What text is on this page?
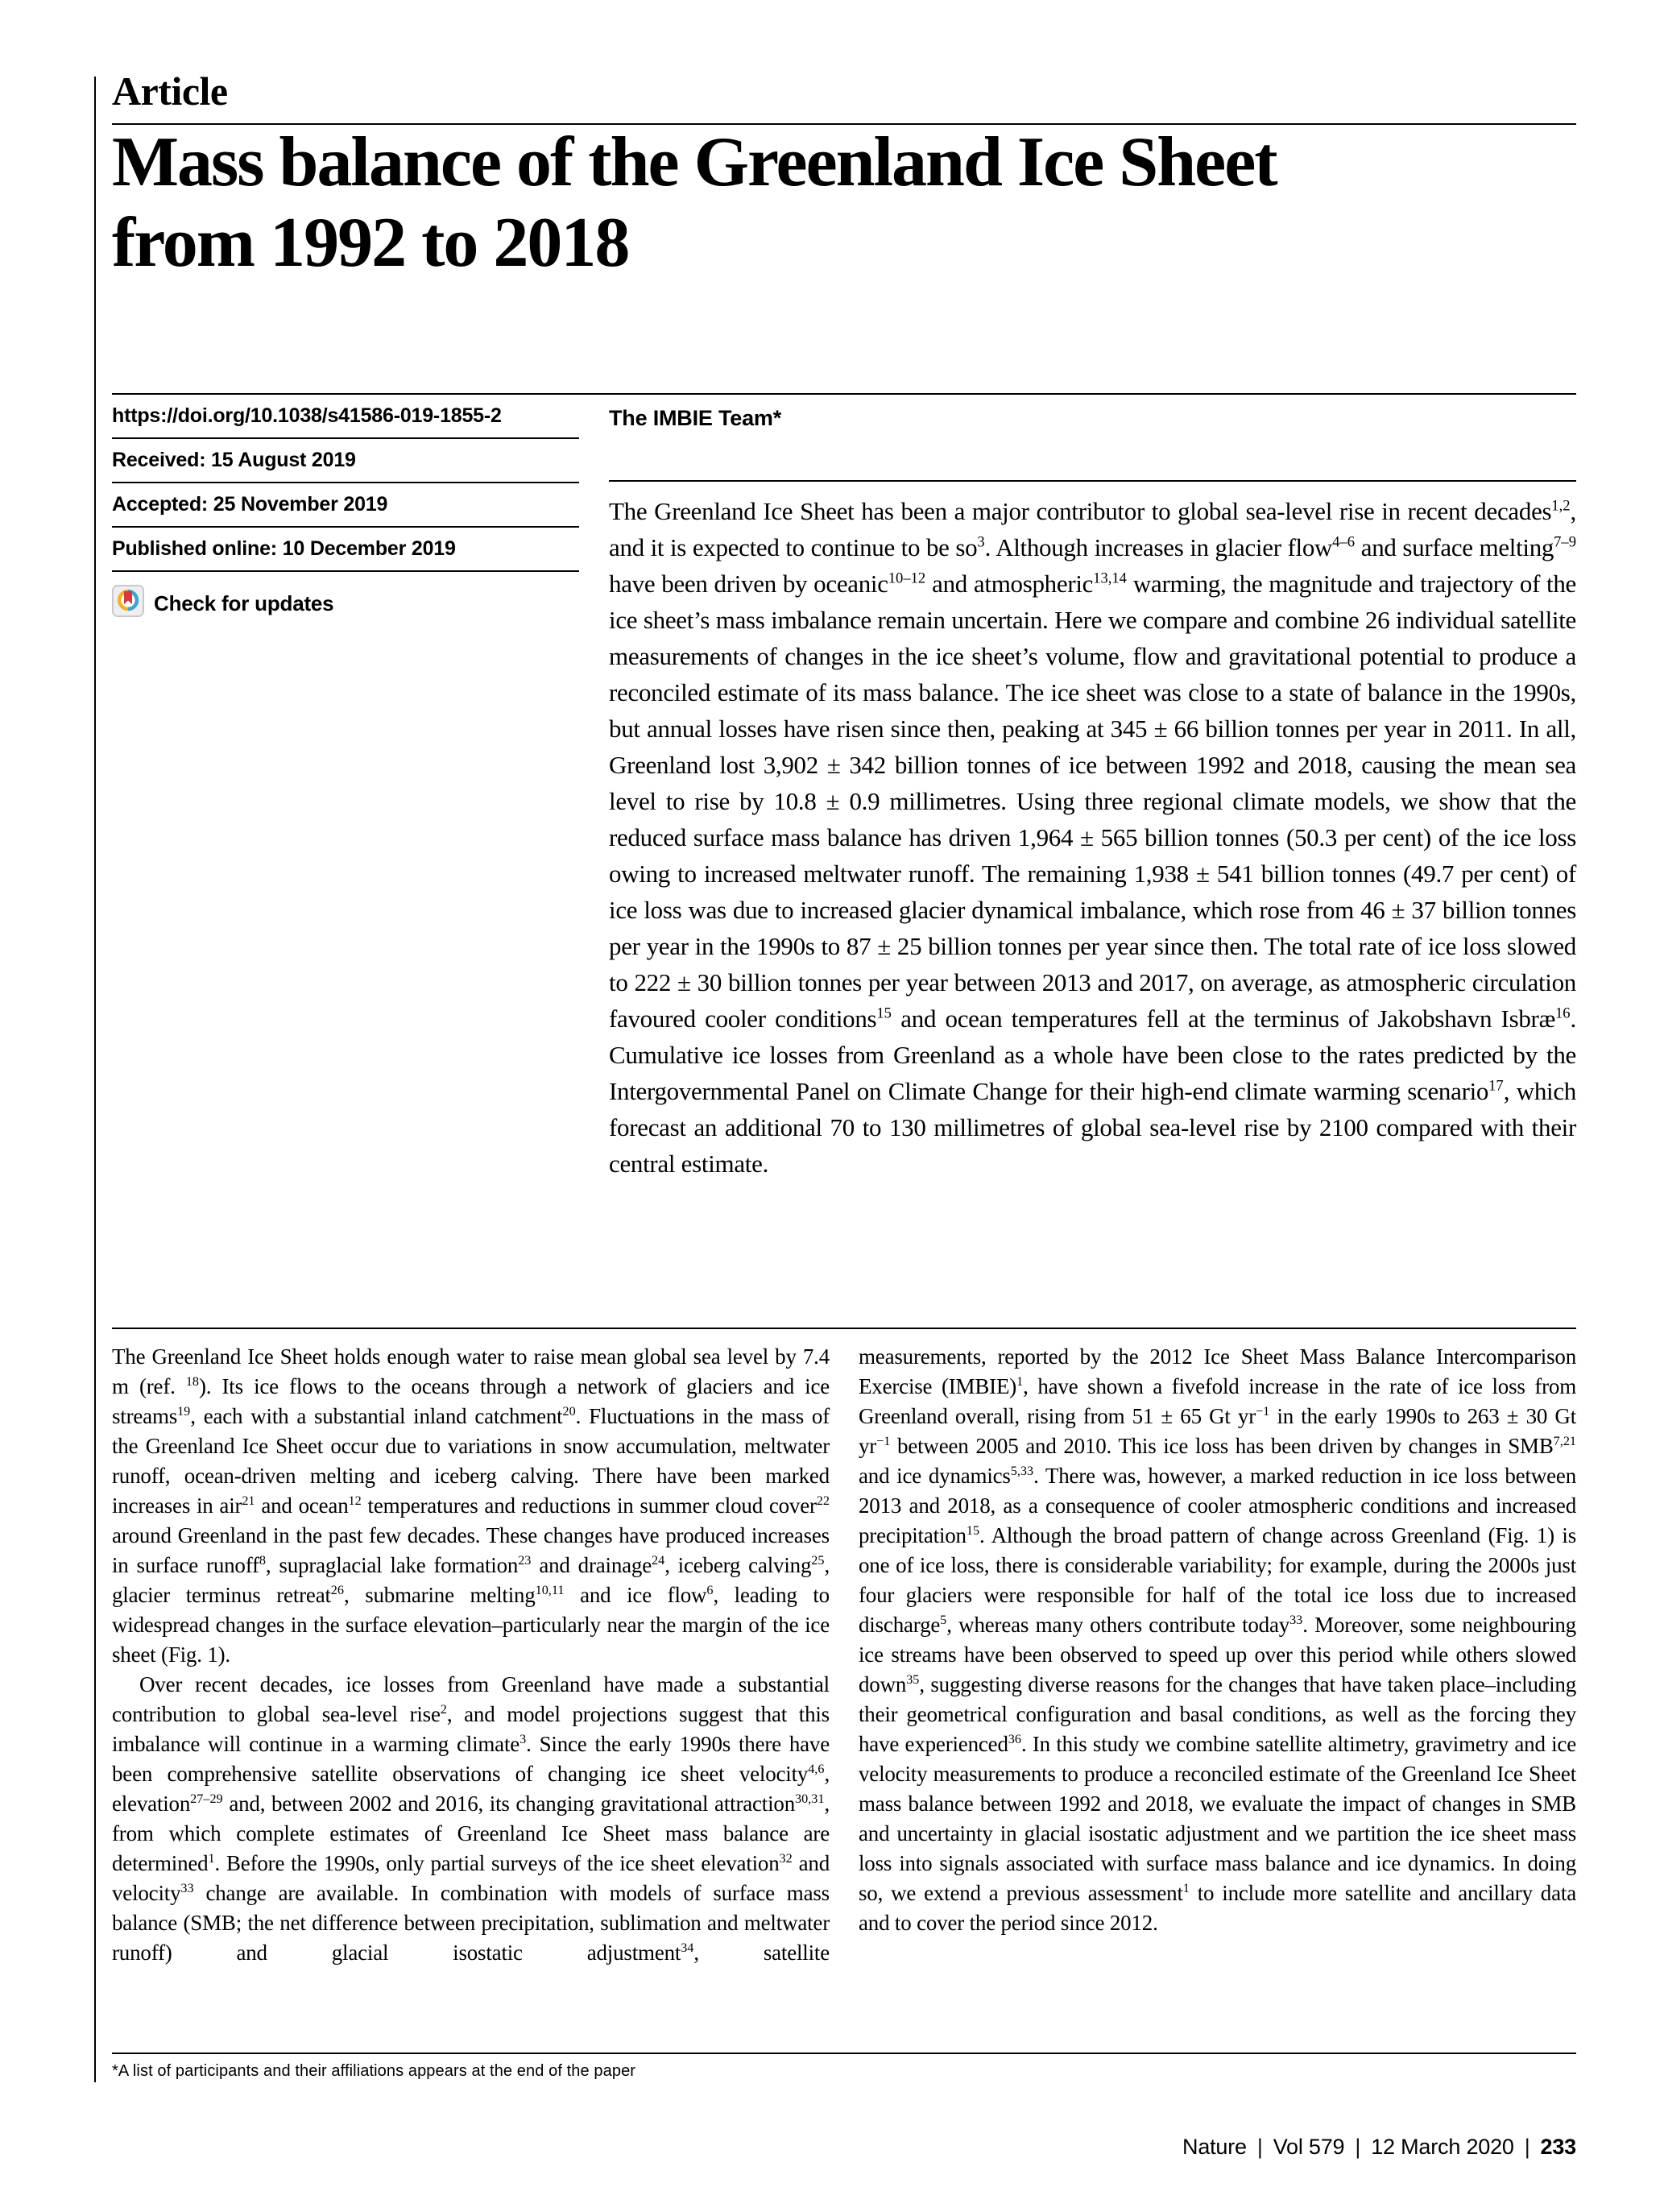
Article
Mass balance of the Greenland Ice Sheet
from 1992 to 2018
https://doi.org/10.1038/s41586-019-1855-2
Received: 15 August 2019
Accepted: 25 November 2019
Published online: 10 December 2019
Check for updates
The IMBIE Team*
The Greenland Ice Sheet has been a major contributor to global sea-level rise in recent decades$^{1,2}$, and it is expected to continue to be $so^3$. Although increases in glacier flow$^{4-6}$ and surface melting$^{7-9}$ have been driven by oceanic$^{10-12}$ and atmospheric$^{13,14}$ warming, the magnitude and trajectory of the ice sheet’s mass imbalance remain uncertain. Here we compare and combine 26 individual satellite measurements of changes in the ice sheet’s volume, flow and gravitational potential to produce a reconciled estimate of its mass balance. The ice sheet was close to a state of balance in the 1990s, but annual losses have risen since then, peaking at 345 ± 66 billion tonnes per year in 2011. In all, Greenland lost 3,902 ± 342 billion tonnes of ice between 1992 and 2018, causing the mean sea level to rise by 10.8 ± 0.9 millimetres. Using three regional climate models, we show that the reduced surface mass balance has driven 1,964 ± 565 billion tonnes (50.3 per cent) of the ice loss owing to increased meltwater runoff. The remaining 1,938 ± 541 billion tonnes (49.7 per cent) of ice loss was due to increased glacier dynamical imbalance, which rose from 46 ± 37 billion tonnes per year in the 1990s to 87 ± 25 billion tonnes per year since then. The total rate of ice loss slowed to 222 ± 30 billion tonnes per year between 2013 and 2017, on average, as atmospheric circulation favoured cooler conditions$^{15}$ and ocean temperatures fell at the terminus of Jakobshavn Isbræ$^{16}$. Cumulative ice losses from Greenland as a whole have been close to the rates predicted by the Intergovernmental Panel on Climate Change for their high-end climate warming scenario$^{17}$, which forecast an additional 70 to 130 millimetres of global sea-level rise by 2100 compared with their central estimate.

The Greenland Ice Sheet holds enough water to raise mean global sea level by 7.4 m (ref. $^{18}$). Its ice flows to the oceans through a network of glaciers and ice streams$^{19}$, each with a substantial inland catchment$^{20}$. Fluctuations in the mass of the Greenland Ice Sheet occur due to variations in snow accumulation, meltwater runoff, ocean-driven melting and iceberg calving. There have been marked increases in air$^{21}$ and ocean$^{12}$ temperatures and reductions in summer cloud cover$^{22}$ around Greenland in the past few decades. These changes have produced increases in surface runoff$^8$, supraglacial lake formation$^{23}$ and drainage$^{24}$, iceberg calving$^{25}$, glacier terminus retreat$^{26}$, submarine melting$^{10,11}$ and ice flow$^6$, leading to widespread changes in the surface elevation–particularly near the margin of the ice sheet (Fig. 1).

Over recent decades, ice losses from Greenland have made a substantial contribution to global sea-level rise$^2$, and model projections suggest that this imbalance will continue in a warming climate$^3$. Since the early 1990s there have been comprehensive satellite observations of changing ice sheet velocity$^{4,6}$, elevation$^{27-29}$ and, between 2002 and 2016, its changing gravitational attraction$^{30,31}$, from which complete estimates of Greenland Ice Sheet mass balance are determined$^1$. Before the 1990s, only partial surveys of the ice sheet elevation$^{32}$ and velocity$^{33}$ change are available. In combination with models of surface mass balance (SMB; the net difference between precipitation, sublimation and meltwater runoff) and glacial isostatic adjustment$^{34}$, satellite

measurements, reported by the 2012 Ice Sheet Mass Balance Intercomparison Exercise (IMBIE)$^1$, have shown a fivefold increase in the rate of ice loss from Greenland overall, rising from 51 ± 65 Gt $yr^{-1}$ in the early 1990s to 263 ± 30 Gt $yr^{-1}$ between 2005 and 2010. This ice loss has been driven by changes in SMB$^{7,21}$ and ice dynamics$^{5,33}$. There was, however, a marked reduction in ice loss between 2013 and 2018, as a consequence of cooler atmospheric conditions and increased precipitation$^{15}$. Although the broad pattern of change across Greenland (Fig. 1) is one of ice loss, there is considerable variability; for example, during the 2000s just four glaciers were responsible for half of the total ice loss due to increased discharge$^5$, whereas many others contribute today$^{33}$. Moreover, some neighbouring ice streams have been observed to speed up over this period while others slowed down$^{35}$, suggesting diverse reasons for the changes that have taken place–including their geometrical configuration and basal conditions, as well as the forcing they have experienced$^{36}$. In this study we combine satellite altimetry, gravimetry and ice velocity measurements to produce a reconciled estimate of the Greenland Ice Sheet mass balance between 1992 and 2018, we evaluate the impact of changes in SMB and uncertainty in glacial isostatic adjustment and we partition the ice sheet mass loss into signals associated with surface mass balance and ice dynamics. In doing so, we extend a previous assessment$^1$ to include more satellite and ancillary data and to cover the period since 2012.

*A list of participants and their affiliations appears at the end of the paper
Nature | Vol 579 | 12 March 2020 | 233
